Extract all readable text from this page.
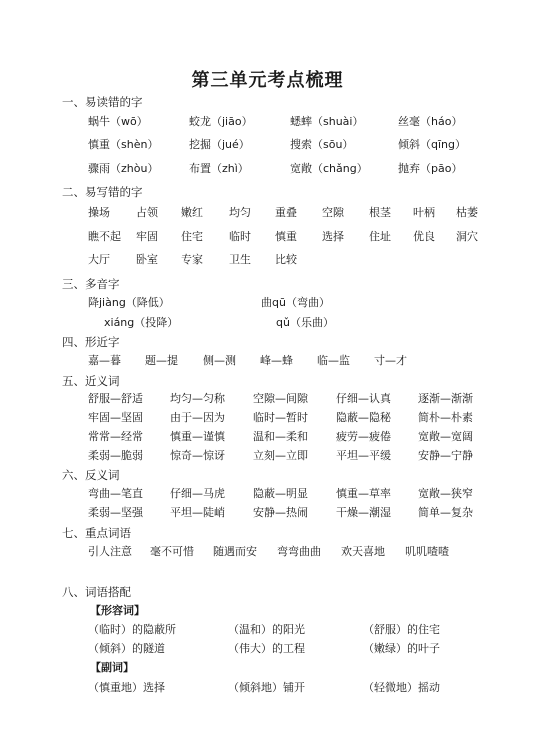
第三单元考点梳理
一、易读错的字
蜗牛（wō）	蛟龙（jiāo）	蟋蟀（shuài）	丝毫（háo）
慎重（shèn）	挖掘（jué）	搜索（sōu）	倾斜（qīng）
骤雨（zhòu）	布置（zhì）	宽敞（chǎng）	抛弃（pāo）
二、易写错的字
操场 占领 嫩红 均匀 重叠 空隙 根茎 叶柄 枯萎
瞧不起 牢固 住宅 临时 慎重 选择 住址 优良 洞穴
大厅 卧室 专家 卫生 比较
三、多音字
降jiàng（降低）	曲qū（弯曲）
xiáng（投降）	qǔ（乐曲）
四、形近字
嘉—暮 题—提 侧—测 峰—蜂 临—监 寸—才
五、近义词
舒服—舒适 均匀—匀称	空隙—间隙	仔细—认真 逐渐—渐渐
牢固—坚固 由于—因为	临时—暂时	隐蔽—隐秘 简朴—朴素
常常—经常 慎重—谨慎	温和—柔和	疲劳—疲倦 宽敞—宽阔
柔弱—脆弱 惊奇—惊讶	立刻—立即	平坦—平缓 安静—宁静
六、反义词
弯曲—笔直 仔细—马虎	隐蔽—明显	慎重—草率 宽敞—狭窄
柔弱—坚强 平坦—陡峭	安静—热闹	干燥—潮湿 简单—复杂
七、重点词语
引人注意 毫不可惜 随遇而安 弯弯曲曲 欢天喜地 叽叽喳喳
八、词语搭配
【形容词】
（临时）的隐蔽所	（温和）的阳光	（舒服）的住宅
（倾斜）的隧道	（伟大）的工程	（嫩绿）的叶子
【副词】
（慎重地）选择	（倾斜地）铺开	（轻微地）摇动
